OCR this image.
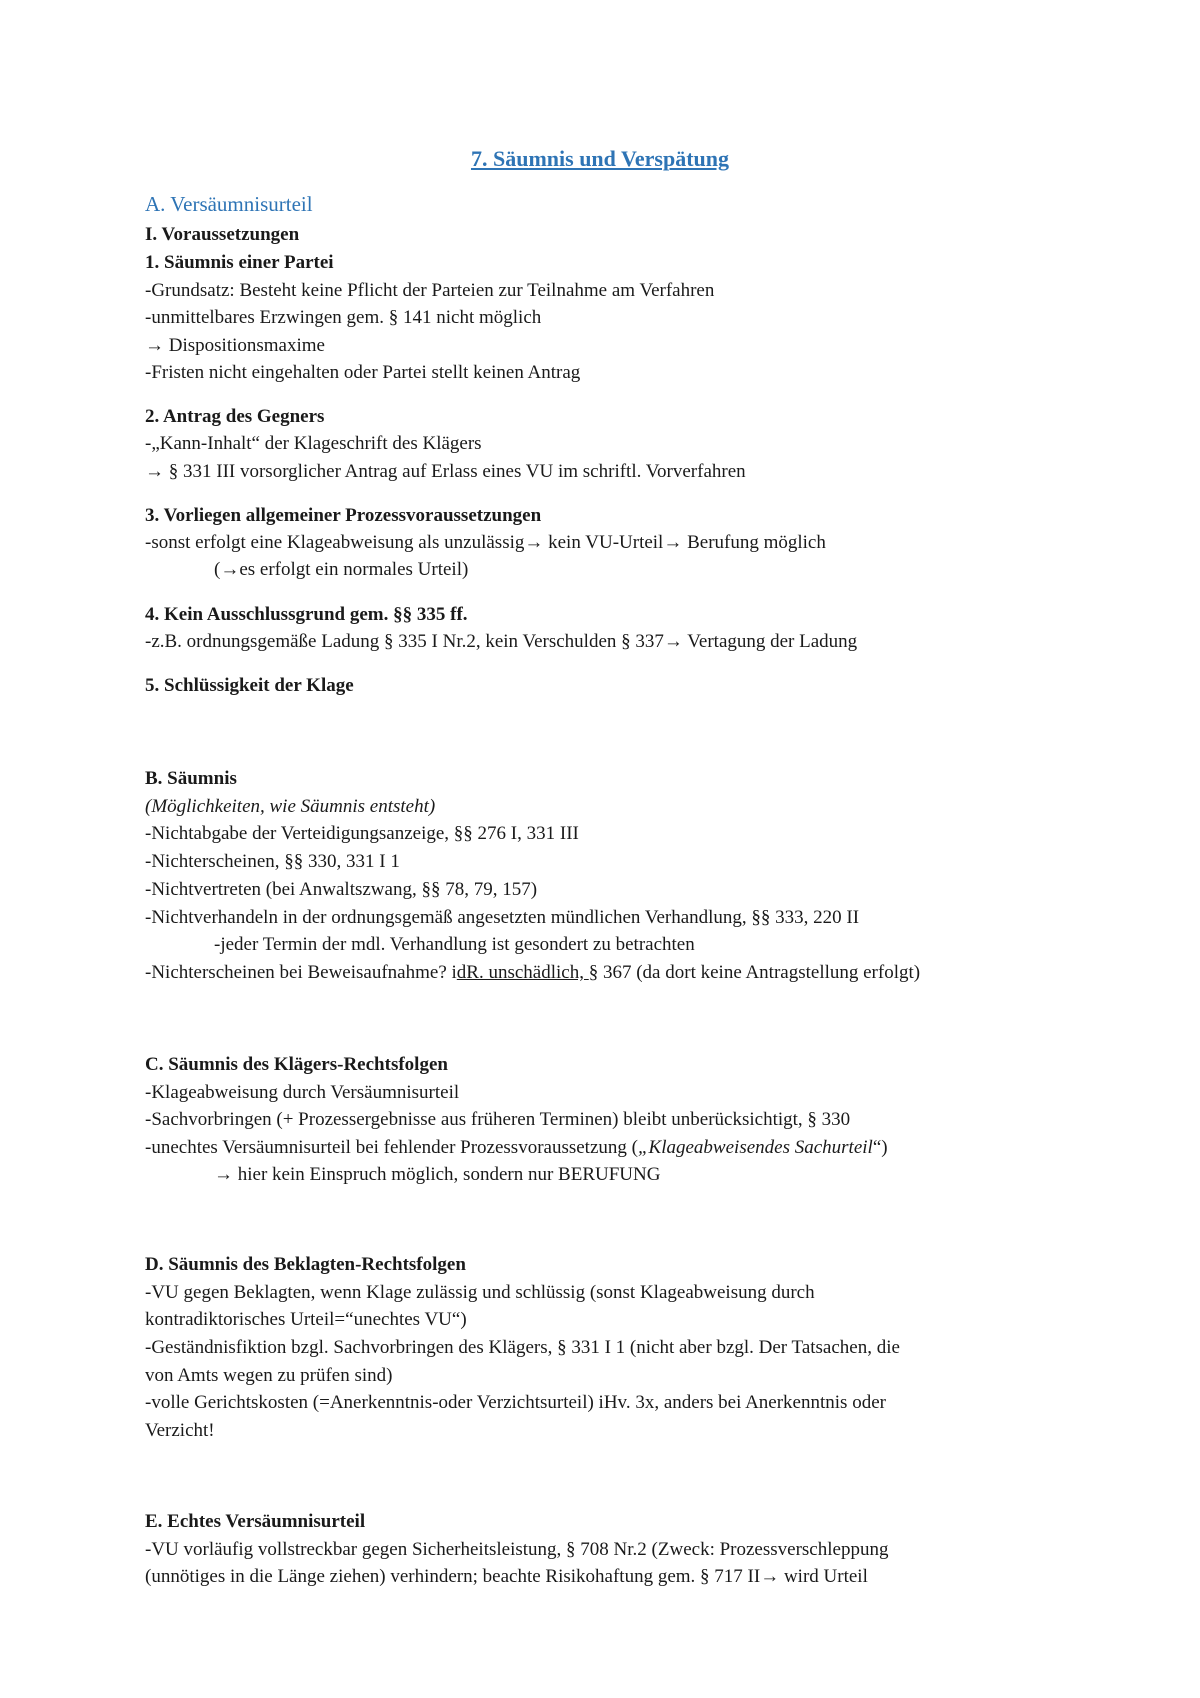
7. Säumnis und Verspätung
A. Versäumnisurteil
I. Voraussetzungen
1. Säumnis einer Partei
-Grundsatz: Besteht keine Pflicht der Parteien zur Teilnahme am Verfahren
-unmittelbares Erzwingen gem. § 141 nicht möglich
→ Dispositionsmaxime
-Fristen nicht eingehalten oder Partei stellt keinen Antrag
2. Antrag des Gegners
-„Kann-Inhalt“ der Klageschrift des Klägers
→ § 331 III vorsorglicher Antrag auf Erlass eines VU im schriftl. Vorverfahren
3. Vorliegen allgemeiner Prozessvoraussetzungen
-sonst erfolgt eine Klageabweisung als unzulässig→ kein VU-Urteil→ Berufung möglich
(→es erfolgt ein normales Urteil)
4. Kein Ausschlussgrund gem. §§ 335 ff.
-z.B. ordnungsgemäße Ladung § 335 I Nr.2, kein Verschulden § 337→ Vertagung der Ladung
5. Schlüssigkeit der Klage
B. Säumnis
(Möglichkeiten, wie Säumnis entsteht)
-Nichtabgabe der Verteidigungsanzeige, §§ 276 I, 331 III
-Nichterscheinen, §§ 330, 331 I 1
-Nichtvertreten (bei Anwaltszwang, §§ 78, 79, 157)
-Nichtverhandeln in der ordnungsgemäß angesetzten mündlichen Verhandlung, §§ 333, 220 II
-jeder Termin der mdl. Verhandlung ist gesondert zu betrachten
-Nichterscheinen bei Beweisaufnahme? idR. unschädlich, § 367 (da dort keine Antragstellung erfolgt)
C. Säumnis des Klägers-Rechtsfolgen
-Klageabweisung durch Versäumnisurteil
-Sachvorbringen (+ Prozessergebnisse aus früheren Terminen) bleibt unberücksichtigt, § 330
-unechtes Versäumnisurteil bei fehlender Prozessvoraussetzung („Klageabweisendes Sachurteil“)
→ hier kein Einspruch möglich, sondern nur BERUFUNG
D. Säumnis des Beklagten-Rechtsfolgen
-VU gegen Beklagten, wenn Klage zulässig und schlüssig (sonst Klageabweisung durch
kontradiktorisches Urteil=“unechtes VU“)
-Geständnisfiktion bzgl. Sachvorbringen des Klägers, § 331 I 1 (nicht aber bzgl. Der Tatsachen, die
von Amts wegen zu prüfen sind)
-volle Gerichtskosten (=Anerkenntnis-oder Verzichtsurteil) iHv. 3x, anders bei Anerkenntnis oder
Verzicht!
E. Echtes Versäumnisurteil
-VU vorläufig vollstreckbar gegen Sicherheitsleistung, § 708 Nr.2 (Zweck: Prozessverschleppung
(unnötiges in die Länge ziehen) verhindern; beachte Risikohaftung gem. § 717 II→ wird Urteil
